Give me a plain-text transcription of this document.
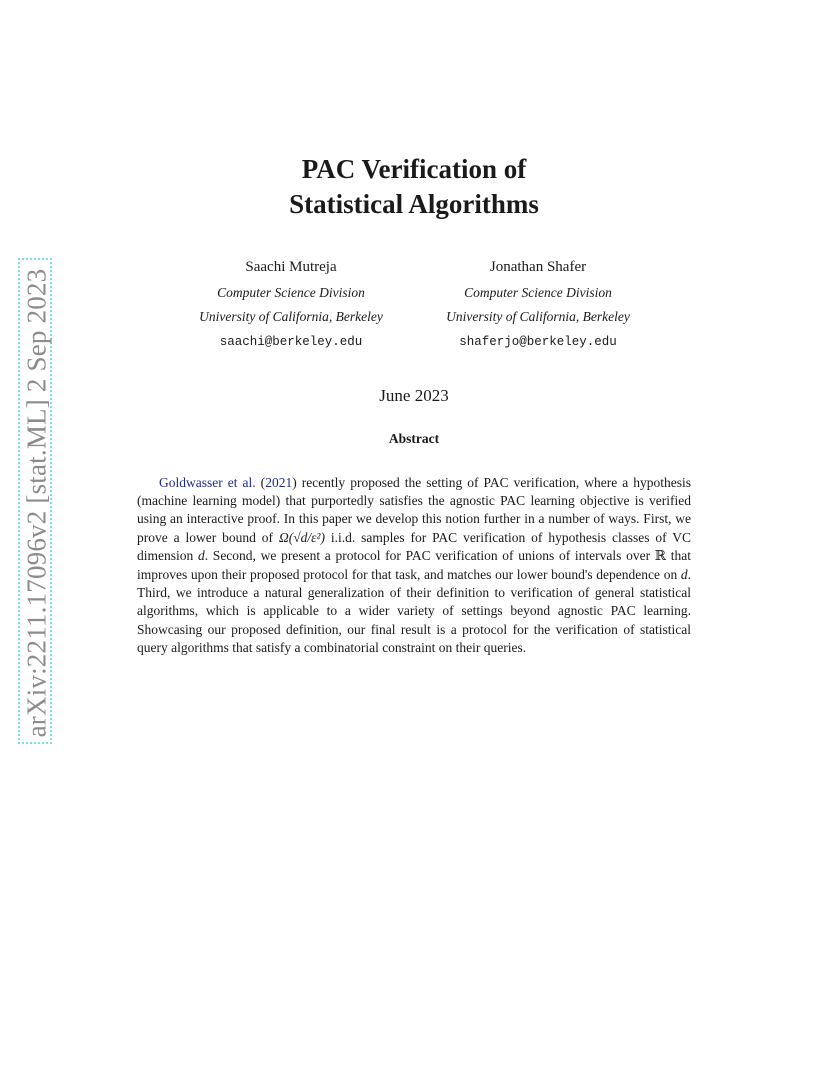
arXiv:2211.17096v2 [stat.ML] 2 Sep 2023
PAC Verification of
Statistical Algorithms
Saachi Mutreja
Computer Science Division
University of California, Berkeley
saachi@berkeley.edu
Jonathan Shafer
Computer Science Division
University of California, Berkeley
shaferjo@berkeley.edu
June 2023
Abstract

Goldwasser et al. (2021) recently proposed the setting of PAC verification, where a hypothesis (machine learning model) that purportedly satisfies the agnostic PAC learning objective is verified using an interactive proof. In this paper we develop this notion further in a number of ways. First, we prove a lower bound of Ω(√d/ε²) i.i.d. samples for PAC verification of hypothesis classes of VC dimension d. Second, we present a protocol for PAC verification of unions of intervals over ℝ that improves upon their proposed protocol for that task, and matches our lower bound's dependence on d. Third, we introduce a natural generalization of their definition to verification of general statistical algorithms, which is applicable to a wider variety of settings beyond agnostic PAC learning. Showcasing our proposed definition, our final result is a protocol for the verification of statistical query algorithms that satisfy a combinatorial constraint on their queries.
